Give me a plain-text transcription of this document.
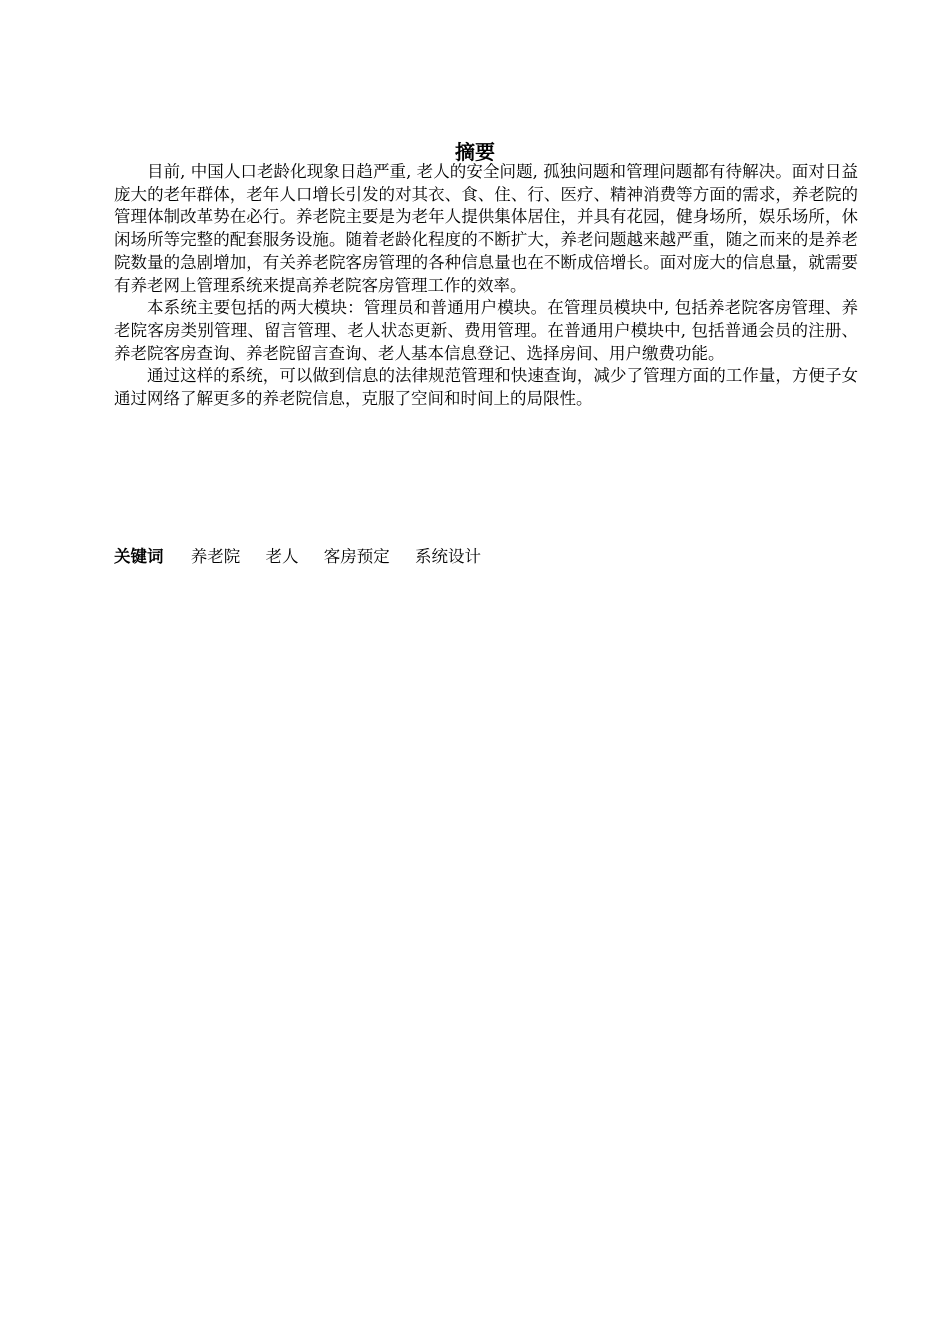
摘要

目前, 中国人口老龄化现象日趋严重, 老人的安全问题, 孤独问题和管理问题都有待解决。面对日益庞大的老年群体，老年人口增长引发的对其衣、食、住、行、医疗、精神消费等方面的需求，养老院的管理体制改革势在必行。养老院主要是为老年人提供集体居住，并具有花园，健身场所，娱乐场所，休闲场所等完整的配套服务设施。随着老龄化程度的不断扩大，养老问题越来越严重，随之而来的是养老院数量的急剧增加，有关养老院客房管理的各种信息量也在不断成倍增长。面对庞大的信息量，就需要有养老网上管理系统来提高养老院客房管理工作的效率。

本系统主要包括的两大模块：管理员和普通用户模块。在管理员模块中, 包括养老院客房管理、养老院客房类别管理、留言管理、老人状态更新、费用管理。在普通用户模块中, 包括普通会员的注册、养老院客房查询、养老院留言查询、老人基本信息登记、选择房间、用户缴费功能。

通过这样的系统，可以做到信息的法律规范管理和快速查询，减少了管理方面的工作量，方便子女通过网络了解更多的养老院信息，克服了空间和时间上的局限性。

关键词 养老院 老人 客房预定 系统设计
